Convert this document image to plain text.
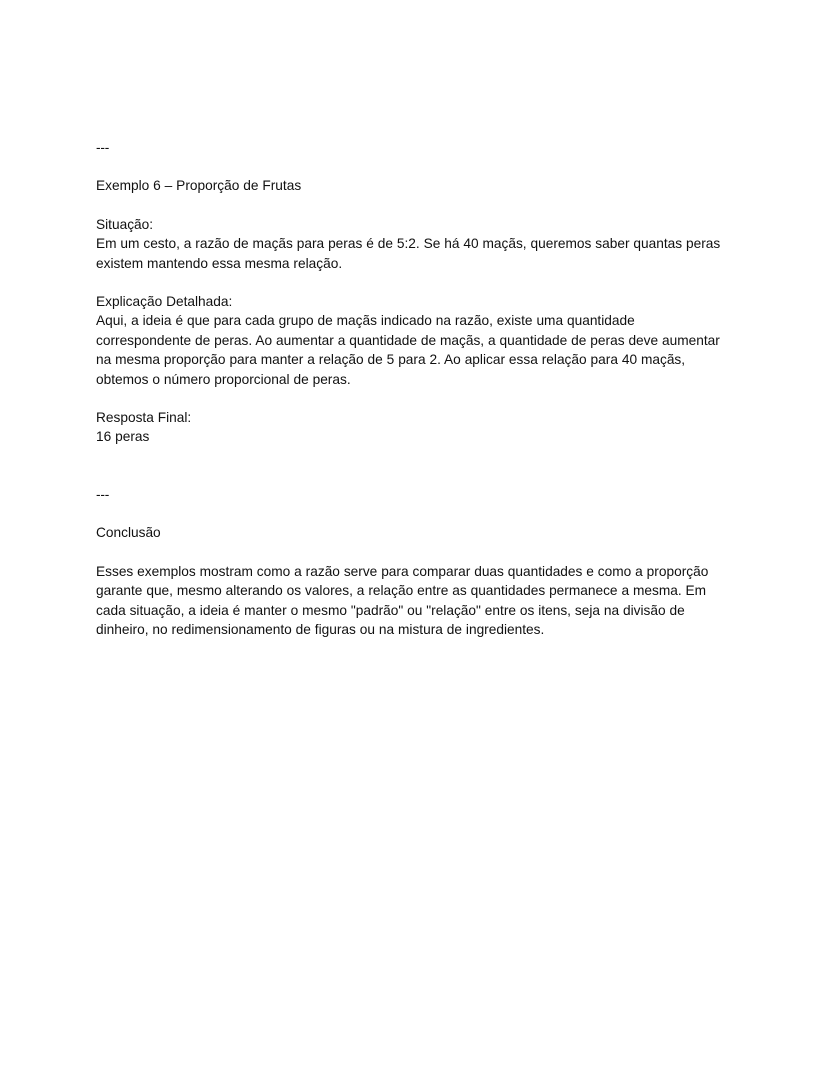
---
Exemplo 6 – Proporção de Frutas
Situação:
Em um cesto, a razão de maçãs para peras é de 5:2. Se há 40 maçãs, queremos saber quantas peras existem mantendo essa mesma relação.
Explicação Detalhada:
Aqui, a ideia é que para cada grupo de maçãs indicado na razão, existe uma quantidade correspondente de peras. Ao aumentar a quantidade de maçãs, a quantidade de peras deve aumentar na mesma proporção para manter a relação de 5 para 2. Ao aplicar essa relação para 40 maçãs, obtemos o número proporcional de peras.
Resposta Final:
16 peras
---
Conclusão
Esses exemplos mostram como a razão serve para comparar duas quantidades e como a proporção garante que, mesmo alterando os valores, a relação entre as quantidades permanece a mesma. Em cada situação, a ideia é manter o mesmo "padrão" ou "relação" entre os itens, seja na divisão de dinheiro, no redimensionamento de figuras ou na mistura de ingredientes.
